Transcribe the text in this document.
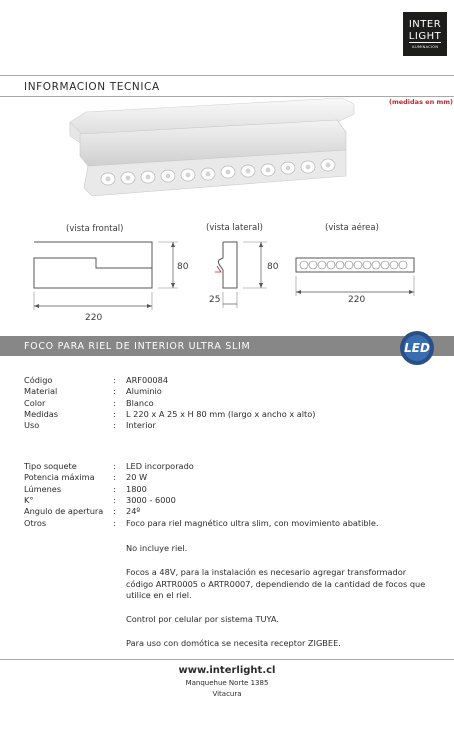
INTER
LIGHT
ILUMINACION
INFORMACION TECNICA
(medidas en mm)
(vista frontal)	(vista lateral)	(vista aérea)
80
220
80
25	220
FOCO PARA RIEL DE INTERIOR ULTRA SLIM	LED
Código	: ARF00084
Material	: Aluminio
Color	: Blanco
Medidas	: L 220 x A 25 x H 80 mm (largo x ancho x alto)
Uso	: Interior
Tipo soquete	: LED incorporado
Potencia máxima : 20 W
Lúmenes	: 1800
K°	: 3000 - 6000
Angulo de apertura : 24º
Otros	: Foco para riel magnético ultra slim, con movimiento abatible.
No incluye riel.
Focos a 48V, para la instalación es necesario agregar transformador código ARTR0005 o ARTR0007, dependiendo de la cantidad de focos que utilice en el riel.
Control por celular por sistema TUYA.
Para uso con domótica se necesita receptor ZIGBEE.
www.interlight.cl
Manquehue Norte 1385
Vitacura
